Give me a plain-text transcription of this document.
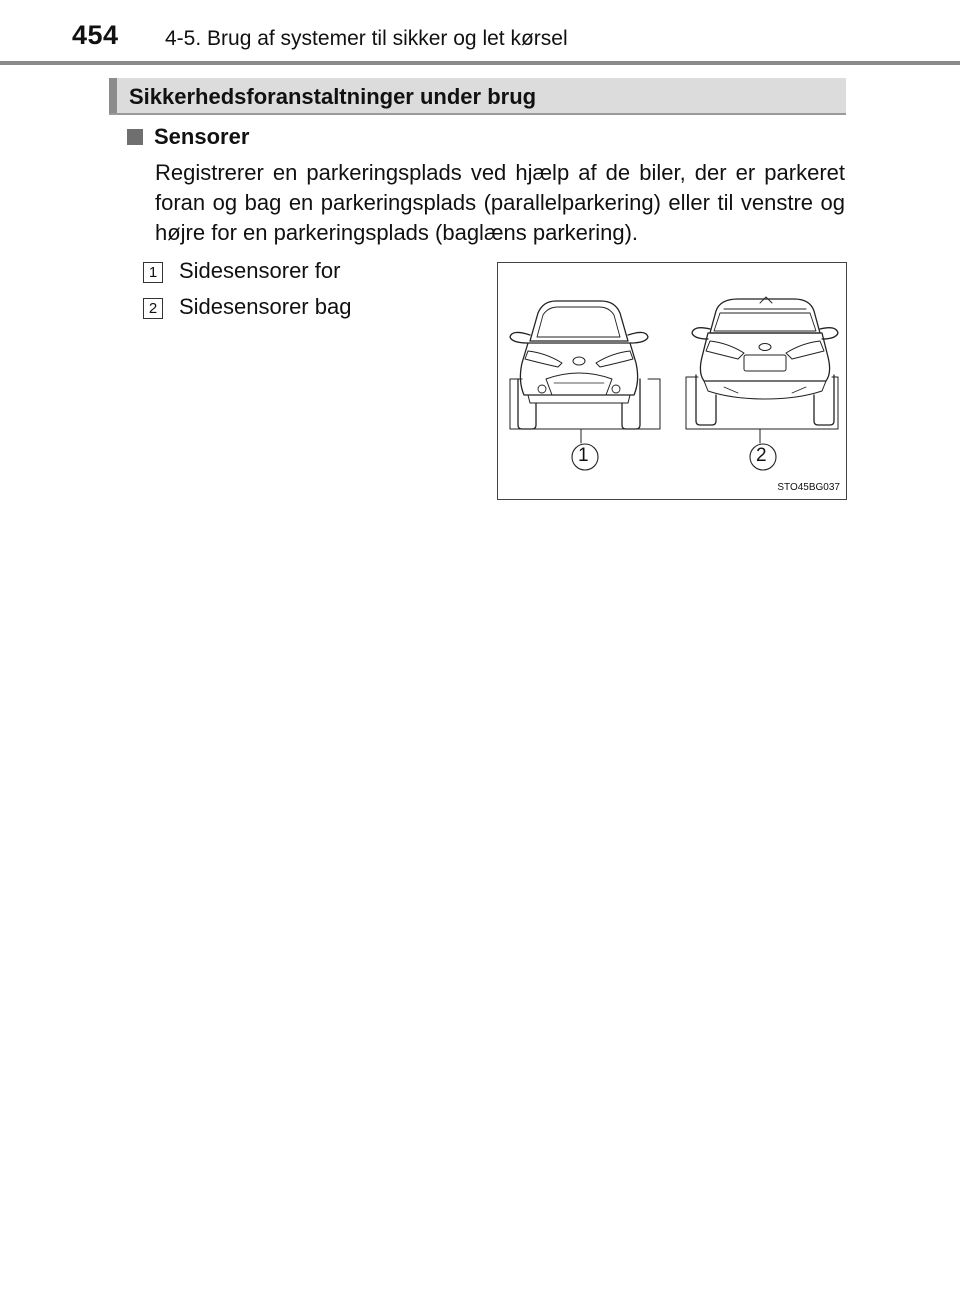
454 4-5. Brug af systemer til sikker og let kørsel
Sikkerhedsforanstaltninger under brug
Sensorer
Registrerer en parkeringsplads ved hjælp af de biler, der er parkeret foran og bag en parkeringsplads (parallelparkering) eller til venstre og højre for en parkeringsplads (baglæns parkering).
1 Sidesensorer for
2 Sidesensorer bag
1	2
STO45BG037
